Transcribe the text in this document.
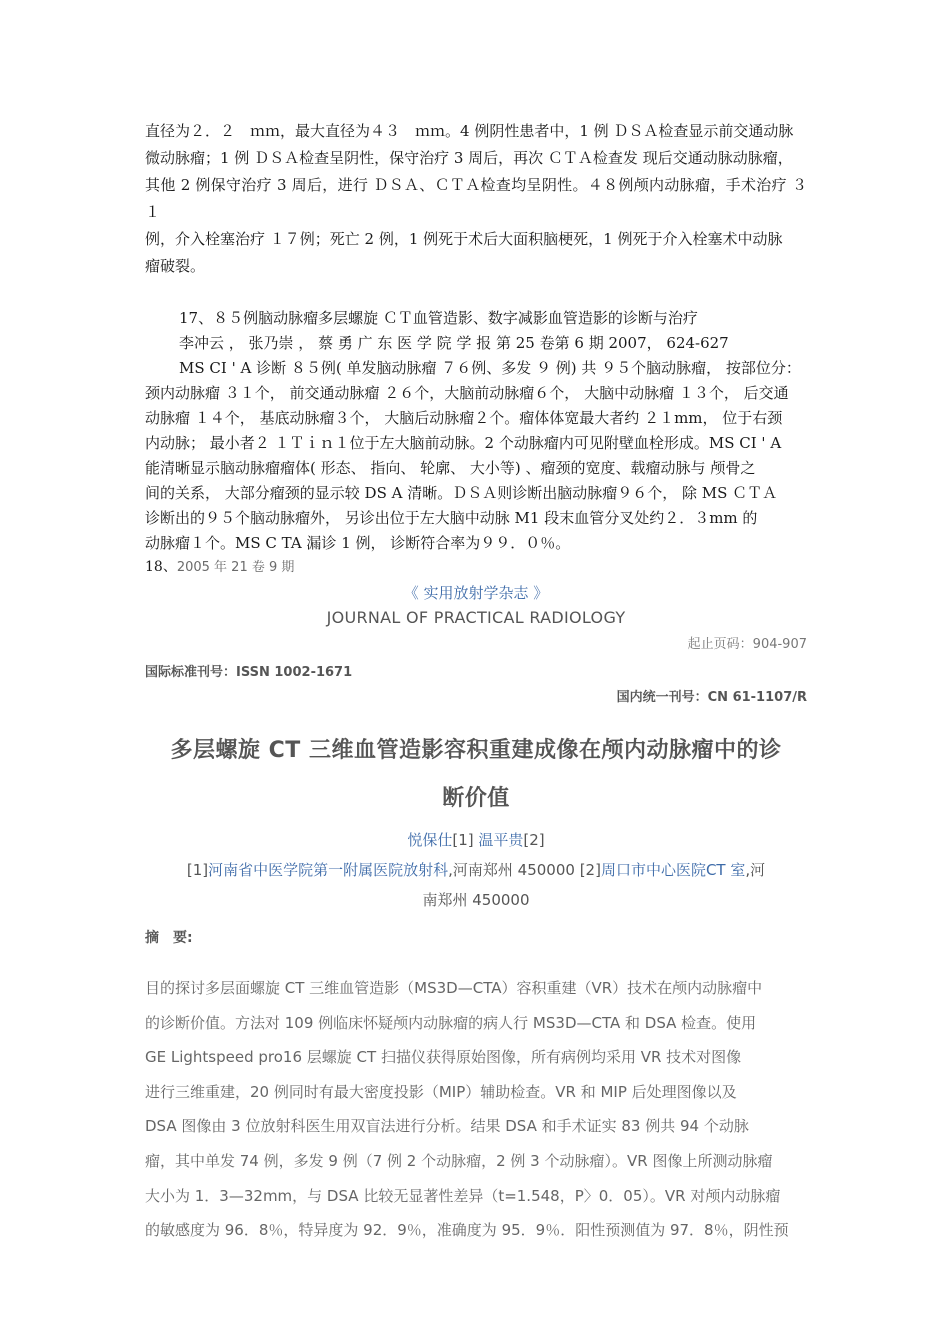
直径为２．２　ｍｍ，最大直径为４３　ｍｍ。4 例阴性患者中，1 例 ＤＳＡ检查显示前交通动脉
微动脉瘤；1 例 ＤＳＡ检查呈阴性，保守治疗 3 周后，再次 ＣＴＡ检查发 现后交通动脉动脉瘤，
其他 2 例保守治疗 3 周后，进行 ＤＳＡ、ＣＴＡ检查均呈阴性。４８例颅内动脉瘤，手术治疗 ３１
例，介入栓塞治疗 １７例；死亡 2 例，1 例死于术后大面积脑梗死，1 例死于介入栓塞术中动脉
瘤破裂。
17、８５例脑动脉瘤多层螺旋 ＣＴ血管造影、数字减影血管造影的诊断与治疗
李冲云 ， 张乃崇 ， 蔡 勇 广 东 医 学 院 学 报 第 25 卷第 6 期 2007， 624-627
MS CI ' A 诊断 ８５例( 单发脑动脉瘤 ７６例、多发 ９ 例) 共 ９５个脑动脉瘤， 按部位分：
颈内动脉瘤 ３１个， 前交通动脉瘤 ２６个，大脑前动脉瘤６个， 大脑中动脉瘤 １３个， 后交通
动脉瘤 １４个， 基底动脉瘤３个， 大脑后动脉瘤２个。瘤体体宽最大者约 ２１mm， 位于右颈
内动脉； 最小者２ １Ｔｉｎ１位于左大脑前动脉。2 个动脉瘤内可见附壁血栓形成。MS CI ' A
能清晰显示脑动脉瘤瘤体( 形态、 指向、 轮廓、 大小等) 、瘤颈的宽度、载瘤动脉与 颅骨之
间的关系， 大部分瘤颈的显示较 DS A 清晰。ＤＳＡ则诊断出脑动脉瘤９６个， 除 MS ＣＴＡ
诊断出的９５个脑动脉瘤外， 另诊出位于左大脑中动脉 M1 段末血管分叉处约２．３mm 的
动脉瘤１个。MS C TA 漏诊 1 例， 诊断符合率为９９．０％。
18、2005 年 21 卷 9 期
《 实用放射学杂志 》
JOURNAL OF PRACTICAL RADIOLOGY
起止页码：904-907
国际标准刊号：ISSN 1002-1671
国内统一刊号：CN 61-1107/R
多层螺旋 CT 三维血管造影容积重建成像在颅内动脉瘤中的诊
断价值
悦保仕[1] 温平贵[2]
[1]河南省中医学院第一附属医院放射科,河南郑州 450000 [2]周口市中心医院CT 室,河
南郑州 450000
摘　要:
目的探讨多层面螺旋 CT 三维血管造影（MS3D—CTA）容积重建（VR）技术在颅内动脉瘤中
的诊断价值。方法对 109 例临床怀疑颅内动脉瘤的病人行 MS3D—CTA 和 DSA 检查。使用
GE Lightspeed pro16 层螺旋 CT 扫描仪获得原始图像，所有病例均采用 VR 技术对图像
进行三维重建，20 例同时有最大密度投影（MIP）辅助检查。VR 和 MIP 后处理图像以及
DSA 图像由 3 位放射科医生用双盲法进行分析。结果 DSA 和手术证实 83 例共 94 个动脉
瘤，其中单发 74 例，多发 9 例（7 例 2 个动脉瘤，2 例 3 个动脉瘤）。VR 图像上所测动脉瘤
大小为 1．3—32mm，与 DSA 比较无显著性差异（t=1.548，P〉0．05）。VR 对颅内动脉瘤
的敏感度为 96．8％，特异度为 92．9％，准确度为 95．9％．阳性预测值为 97．8％，阴性预
